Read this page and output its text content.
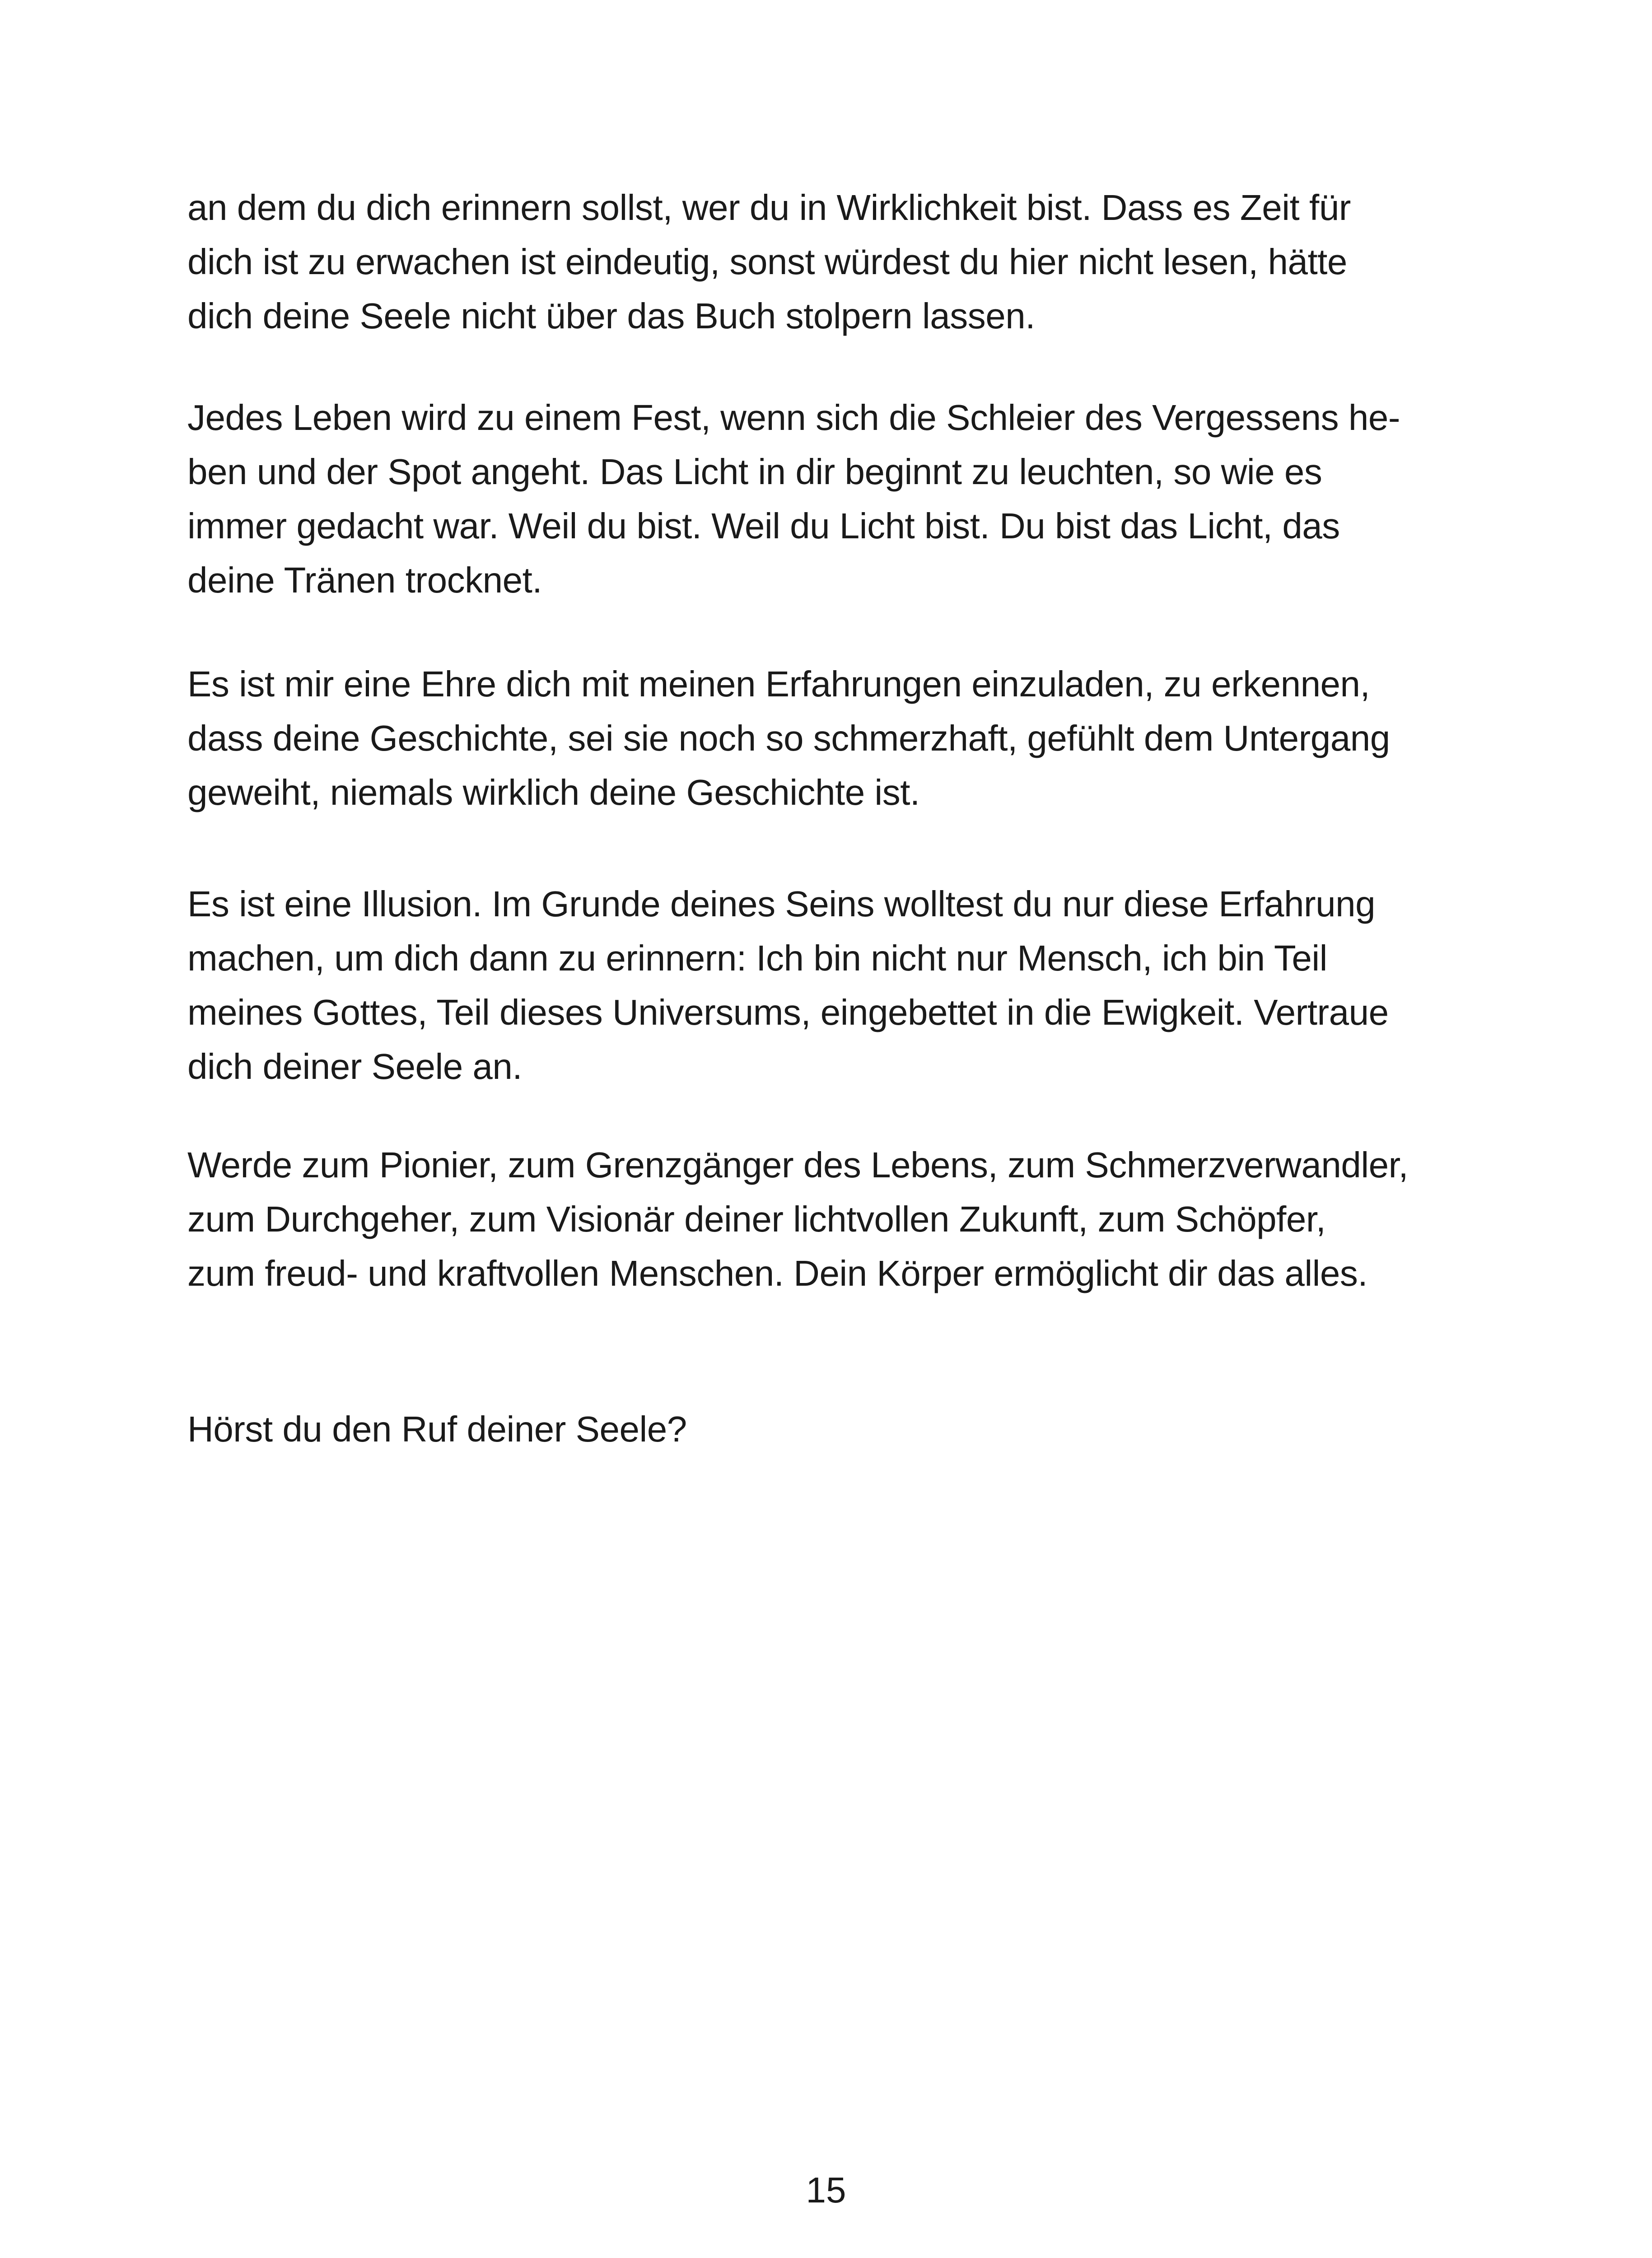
an dem du dich erinnern sollst, wer du in Wirklichkeit bist. Dass es Zeit für
dich ist zu erwachen ist eindeutig, sonst würdest du hier nicht lesen, hätte
dich deine Seele nicht über das Buch stolpern lassen.
Jedes Leben wird zu einem Fest, wenn sich die Schleier des Vergessens he-
ben und der Spot angeht. Das Licht in dir beginnt zu leuchten, so wie es
immer gedacht war. Weil du bist. Weil du Licht bist. Du bist das Licht, das
deine Tränen trocknet.
Es ist mir eine Ehre dich mit meinen Erfahrungen einzuladen, zu erkennen,
dass deine Geschichte, sei sie noch so schmerzhaft, gefühlt dem Untergang
geweiht, niemals wirklich deine Geschichte ist.
Es ist eine Illusion. Im Grunde deines Seins wolltest du nur diese Erfahrung
machen, um dich dann zu erinnern: Ich bin nicht nur Mensch, ich bin Teil
meines Gottes, Teil dieses Universums, eingebettet in die Ewigkeit. Vertraue
dich deiner Seele an.
Werde zum Pionier, zum Grenzgänger des Lebens, zum Schmerzverwandler,
zum Durchgeher, zum Visionär deiner lichtvollen Zukunft, zum Schöpfer,
zum freud- und kraftvollen Menschen. Dein Körper ermöglicht dir das alles.
Hörst du den Ruf deiner Seele?
15
